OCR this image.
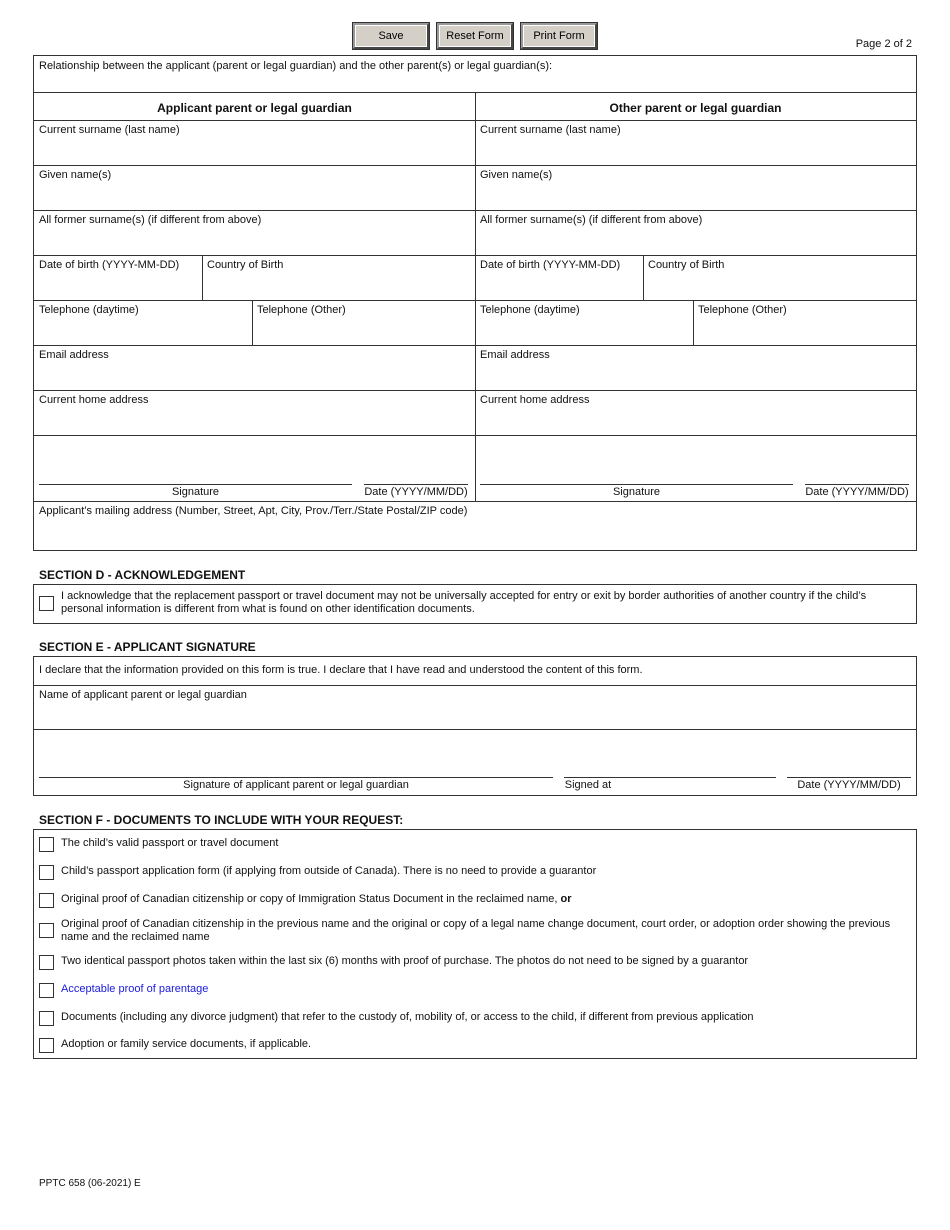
Save	Reset Form	Print Form
Page 2 of 2
Relationship between the applicant (parent or legal guardian) and the other parent(s) or legal guardian(s):
Applicant parent or legal guardian	Other parent or legal guardian
Current surname (last name)	Current surname (last name)
Given name(s)	Given name(s)
All former surname(s) (if different from above)	All former surname(s) (if different from above)
Date of birth (YYYY-MM-DD)	Country of Birth	Date of birth (YYYY-MM-DD)	Country of Birth
Telephone (daytime)	Telephone (Other)	Telephone (daytime)	Telephone (Other)
Email address	Email address
Current home address	Current home address
Signature	Date (YYYY/MM/DD)	Signature	Date (YYYY/MM/DD)
Applicant’s mailing address (Number, Street, Apt, City, Prov./Terr./State Postal/ZIP code)
SECTION D - ACKNOWLEDGEMENT
I acknowledge that the replacement passport or travel document may not be universally accepted for entry or exit by border authorities of another country if the child’s personal information is different from what is found on other identification documents.
SECTION E - APPLICANT SIGNATURE
I declare that the information provided on this form is true. I declare that I have read and understood the content of this form.
Name of applicant parent or legal guardian
Signature of applicant parent or legal guardian	Signed at	Date (YYYY/MM/DD)
SECTION F - DOCUMENTS TO INCLUDE WITH YOUR REQUEST:
The child’s valid passport or travel document
Child’s passport application form (if applying from outside of Canada). There is no need to provide a guarantor
Original proof of Canadian citizenship or copy of Immigration Status Document in the reclaimed name, or
Original proof of Canadian citizenship in the previous name and the original or copy of a legal name change document, court order, or adoption order showing the previous name and the reclaimed name
Two identical passport photos taken within the last six (6) months with proof of purchase. The photos do not need to be signed by a guarantor
Acceptable proof of parentage
Documents (including any divorce judgment) that refer to the custody of, mobility of, or access to the child, if different from previous application
Adoption or family service documents, if applicable.
PPTC 658 (06-2021) E
